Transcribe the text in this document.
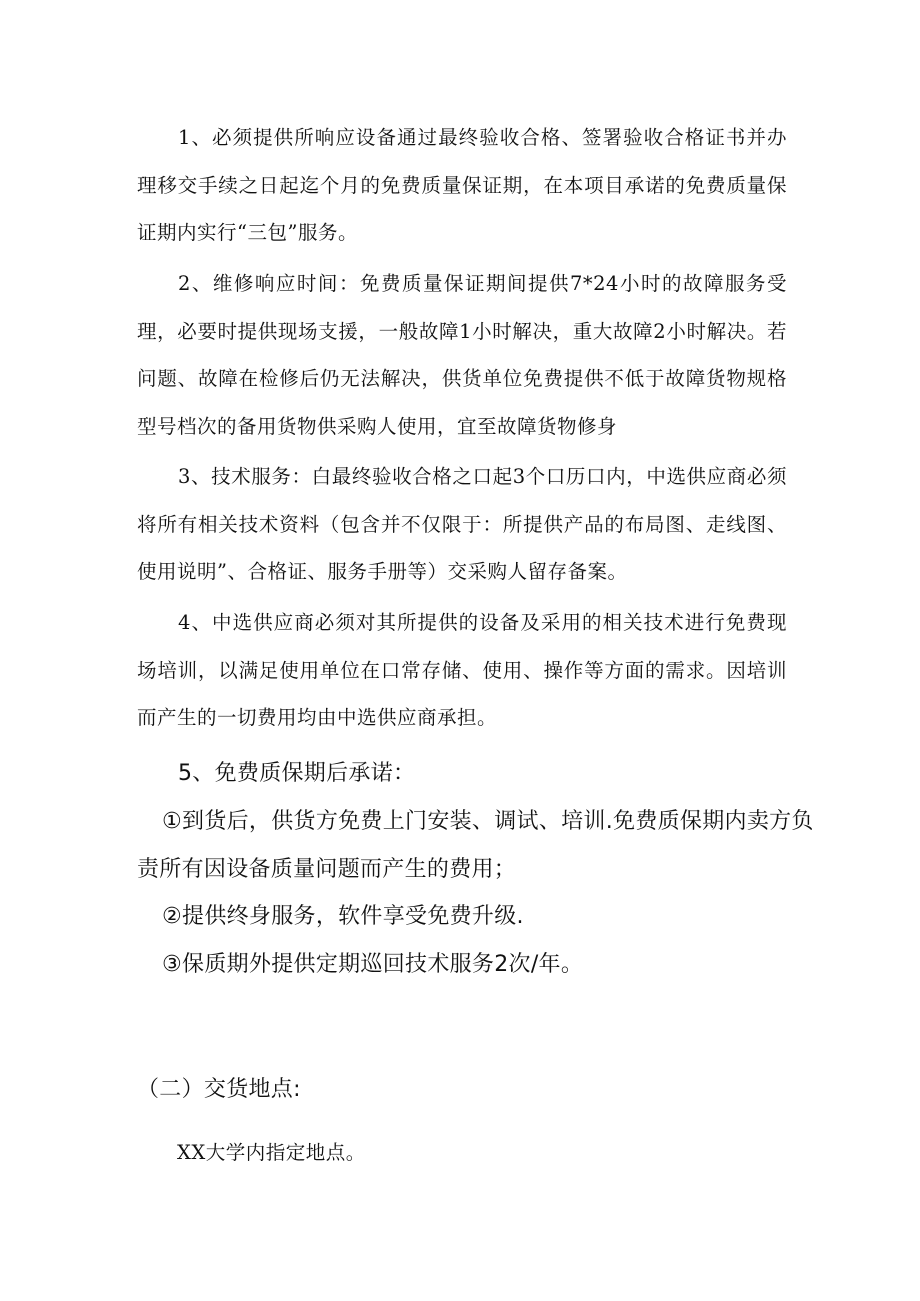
1、必须提供所响应设备通过最终验收合格、签署验收合格证书并办理移交手续之日起迄个月的免费质量保证期，在本项目承诺的免费质量保证期内实行“三包”服务。

2、维修响应时间：免费质量保证期间提供7*24小时的故障服务受理，必要时提供现场支援，一般故障1小时解决，重大故障2小时解决。若问题、故障在检修后仍无法解决，供货单位免费提供不低于故障货物规格型号档次的备用货物供采购人使用，宜至故障货物修身

3、技术服务：白最终验收合格之口起3个口历口内，中选供应商必须将所有相关技术资料（包含并不仅限于：所提供产品的布局图、走线图、使用说明”、合格证、服务手册等）交采购人留存备案。

4、中选供应商必须对其所提供的设备及采用的相关技术进行免费现场培训，以满足使用单位在口常存储、使用、操作等方面的需求。因培训而产生的一切费用均由中选供应商承担。

5、免费质保期后承诺：

①到货后，供货方免费上门安装、调试、培训.免费质保期内卖方负责所有因设备质量问题而产生的费用；

②提供终身服务，软件享受免费升级.

③保质期外提供定期巡回技术服务2次/年。

（二）交货地点:

XX大学内指定地点。
